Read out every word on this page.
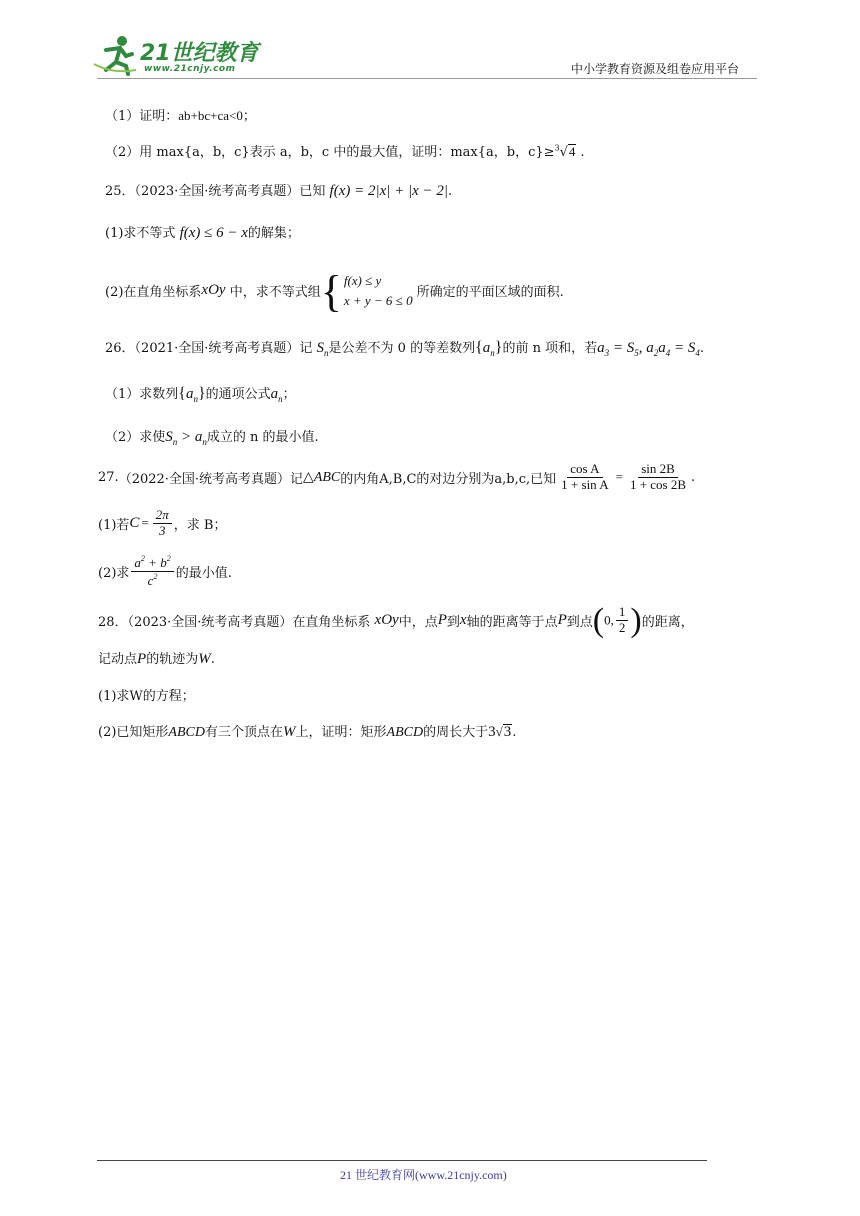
21世纪教育
www.21cnjy.com	中小学教育资源及组卷应用平台
（1）证明：ab+bc+ca<0；
（2）用 max{a，b，c}表示 a，b，c 中的最大值，证明：max{a，b，c}≥$^3$√4 .
25．（2023·全国·统考高考真题）已知 f(x) = 2|x| + |x − 2|.
(1)求不等式 f(x) ≤ 6 − x的解集；
(2)在直角坐标系xOy 中，求不等式组{ f(x) ≤ y
x + y − 6 ≤ 0 所确定的平面区域的面积.
26．（2021·全国·统考高考真题）记 $S_n$是公差不为 0 的等差数列$\{a_n\}$的前 n 项和，若$a_3 = S_5$, $a_2a_4 = S_4$.
（1）求数列$\{a_n\}$的通项公式$a_n$；
（2）求使$S_n > a_n$成立的 n 的最小值.
27.（2022·全国·统考高考真题）记△ABC的内角A,B,C的对边分别为a,b,c,已知 $\frac{\text{cos A}}{\text{1 + sin A}} = \frac{\sin 2B}{1 + \cos 2B}$ .
(1)若$C = \frac{2\pi}{3}$ ，求 B；
(2)求 $\frac{a^2 + b^2}{c^2}$ 的最小值.
28．（2023·全国·统考高考真题）在直角坐标系 xOy中，点P到x轴的距离等于点P到点(0, $\frac{1}{2}$ )的距离，
记动点P的轨迹为W.
(1)求W的方程；
(2)已知矩形ABCD有三个顶点在W上，证明：矩形ABCD的周长大于3√3.
21 世纪教育网(www.21cnjy.com)
